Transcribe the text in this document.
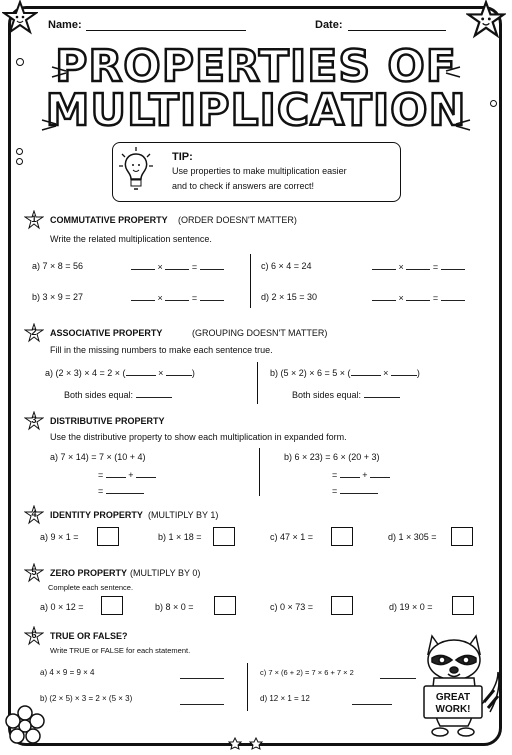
Name:	Date:
PROPERTIES OF
MULTIPLICATION
TIP:
Use properties to make multiplication easier
and to check if answers are correct!
1	COMMUTATIVE PROPERTY (ORDER DOESN'T MATTER)
Write the related multiplication sentence.
a) 7 × 8 = 56	×	=	c) 6 × 4 = 24	×	=
b) 3 × 9 = 27	×	=	d) 2 × 15 = 30	×	=
2	ASSOCIATIVE PROPERTY	(GROUPING DOESN'T MATTER)
Fill in the missing numbers to make each sentence true.
a) (2 × 3) × 4 = 2 × (	×	)
Both sides equal:
b) (5 × 2) × 6 = 5 × (	×	)
Both sides equal:
3	DISTRIBUTIVE PROPERTY
Use the distributive property to show each multiplication in expanded form.
a) 7 × 14) = 7 × (10 + 4)
=	+
=
b) 6 × 23) = 6 × (20 + 3)
=	+
=
4	IDENTITY PROPERTY (MULTIPLY BY 1)
a) 9 × 1 =	b) 1 × 18 =	c) 47 × 1 =	d) 1 × 305 =
5	ZERO PROPERTY (MULTIPLY BY 0)
Complete each sentence.
a) 0 × 12 =	b) 8 × 0 =	c) 0 × 73 =	d) 19 × 0 =
6	TRUE OR FALSE?
Write TRUE or FALSE for each statement.
a) 4 × 9 = 9 × 4
b) (2 × 5) × 3 = 2 × (5 × 3)
c) 7 × (6 + 2) = 7 × 6 + 7 × 2
d) 12 × 1 = 12	GREAT
WORK!
